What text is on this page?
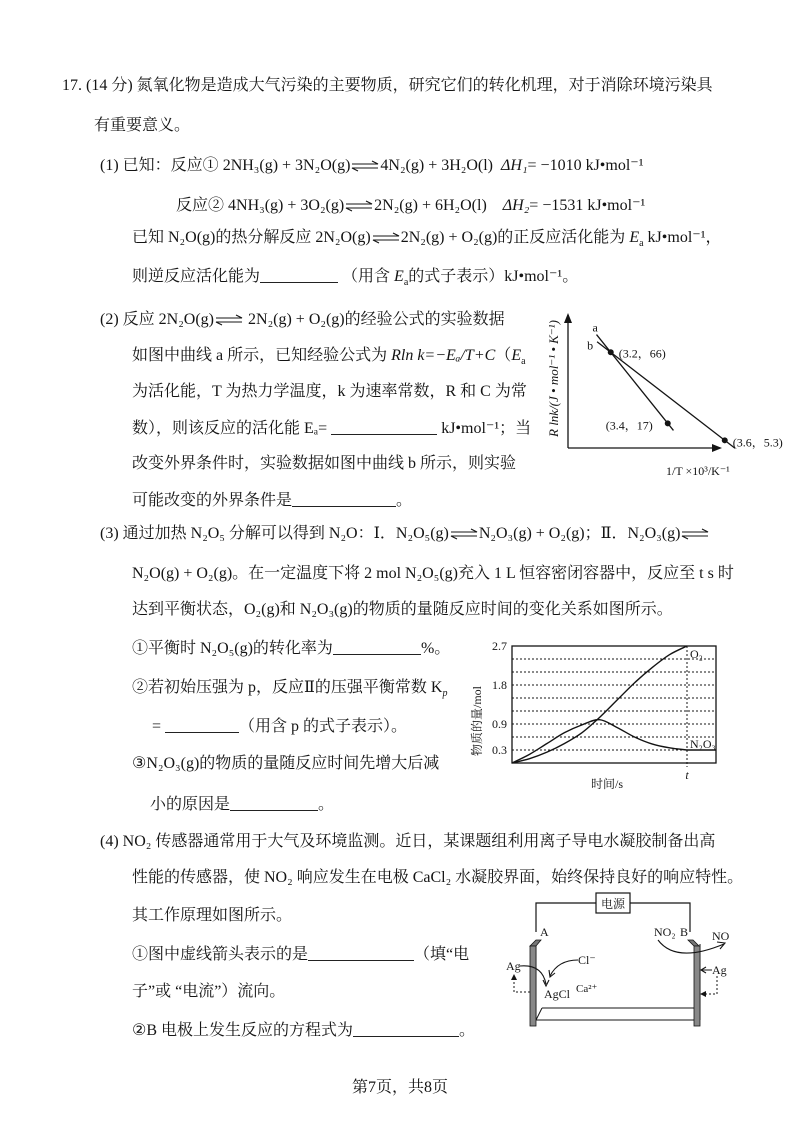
17. (14 分) 氮氧化物是造成大气污染的主要物质，研究它们的转化机理，对于消除环境污染具
有重要意义。
(1) 已知：反应① 2NH₃(g) + 3N₂O(g)⇌4N₂(g) + 3H₂O(l) ΔH₁= −1010 kJ•mol⁻¹
反应② 4NH₃(g) + 3O₂(g)⇌2N₂(g) + 6H₂O(l) ΔH₂= −1531 kJ•mol⁻¹
已知 N₂O(g)的热分解反应 2N₂O(g)⇌2N₂(g) + O₂(g)的正反应活化能为 $E_a$ kJ•mol⁻¹，
则逆反应活化能为	（用含 $E_a$的式子表示）kJ•mol⁻¹。
(2) 反应 2N₂O(g)⇌ 2N₂(g) + O₂(g)的经验公式的实验数据
如图中曲线 a 所示，已知经验公式为 Rln $k=-E_a/T+C(E_a$
为活化能，T 为热力学温度，k 为速率常数，R 和 C 为常
数），则该反应的活化能 Eₐ=	kJ•mol⁻¹；当
改变外界条件时，实验数据如图中曲线 b 所示，则实验
可能改变的外界条件是	。
a
b
(3.2，66)
(3.4，17)
(3.6，5.3)
R lnk/(J • mol⁻¹ • K⁻¹)
1/T ×10³/K⁻¹
(3) 通过加热 N₂O₅ 分解可以得到 N₂O：Ⅰ．N₂O₅(g)⇌N₂O₃(g) + O₂(g)；Ⅱ．N₂O₃(g)⇌
N₂O(g) + O₂(g)。在一定温度下将 2 mol N₂O₅(g)充入 1 L 恒容密闭容器中，反应至 t s 时
达到平衡状态，O₂(g)和 N₂O₃(g)的物质的量随反应时间的变化关系如图所示。
①平衡时 N₂O₅(g)的转化率为	%。
②若初始压强为 p，反应Ⅱ的压强平衡常数 $K_p$
=	（用含 p 的式子表示）。
③N₂O₃(g)的物质的量随反应时间先增大后减
小的原因是	。
2.7
1.8
0.9
0.3
t
O₂
N₂O₃
物质的量/mol
时间/s
(4) NO₂ 传感器通常用于大气及环境监测。近日，某课题组利用离子导电水凝胶制备出高
性能的传感器，使 NO₂ 响应发生在电极 CaCl₂ 水凝胶界面，始终保持良好的响应特性。
其工作原理如图所示。
①图中虚线箭头表示的是	（填“电
子”或 “电流”）流向。
②B 电极上发生反应的方程式为	。
电源
A	B
Ag	Ag
Cl⁻
AgCl Ca²⁺
NO₂	NO
第7页，共8页
